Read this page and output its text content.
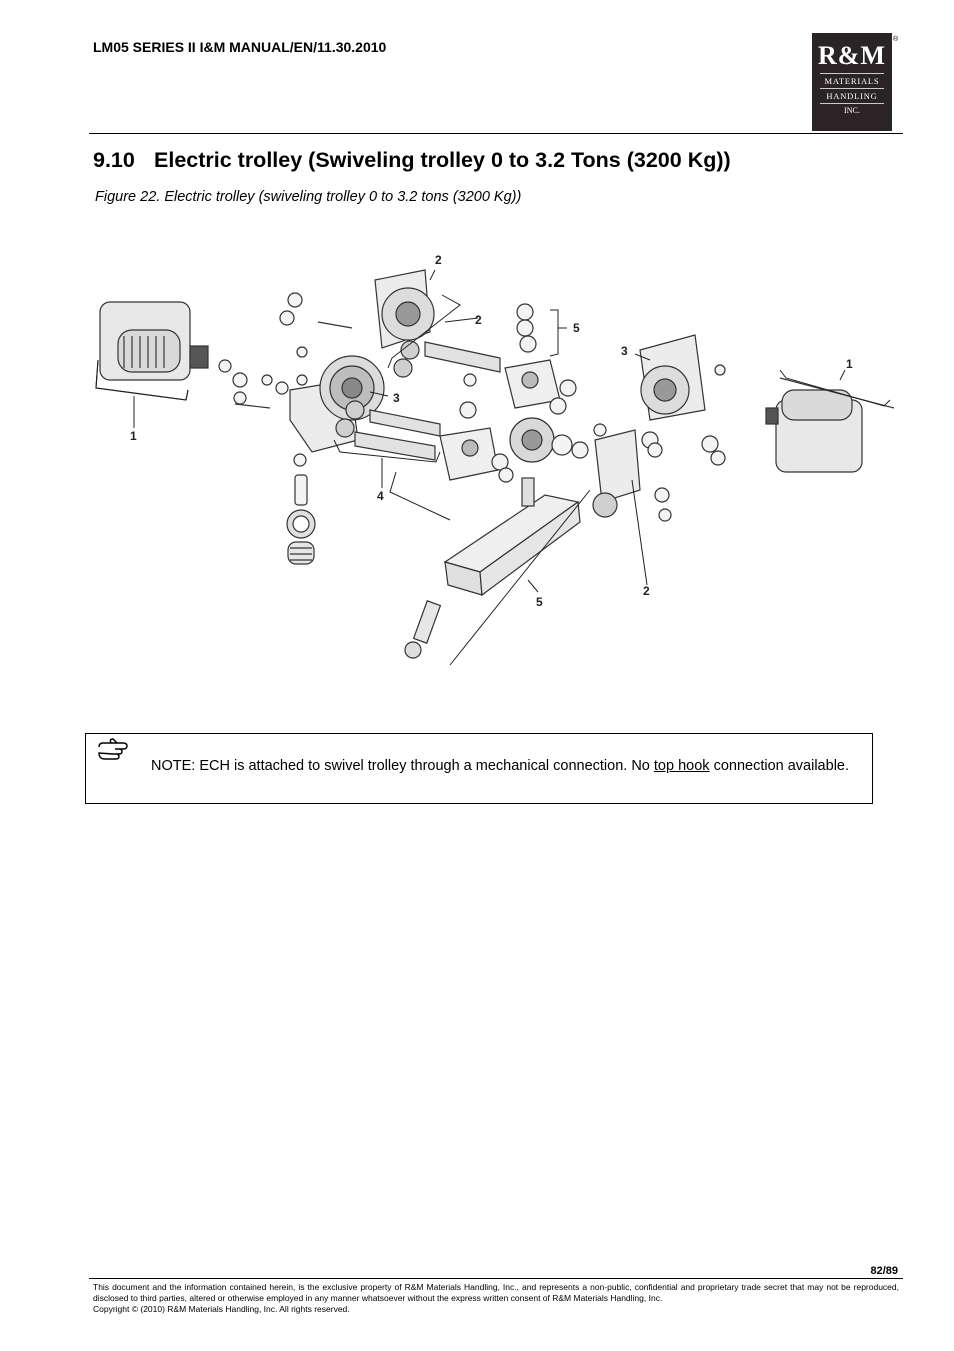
LM05 SERIES II I&M MANUAL/EN/11.30.2010	R&M
MATERIALS
HANDLING
INC.
®
9.10 Electric trolley (Swiveling trolley 0 to 3.2 Tons (3200 Kg))
Figure 22. Electric trolley (swiveling trolley 0 to 3.2 tons (3200 Kg))
1
1
2
2
2
3
3
4
5
5
NOTE: ECH is attached to swivel trolley through a mechanical connection. No top hook connection available.
82/89
This document and the information contained herein, is the exclusive property of R&M Materials Handling, Inc., and represents a non-public, confidential and proprietary trade secret that may not be reproduced, disclosed to third parties, altered or otherwise employed in any manner whatsoever without the express written consent of R&M Materials Handling, Inc.
Copyright © (2010) R&M Materials Handling, Inc. All rights reserved.
